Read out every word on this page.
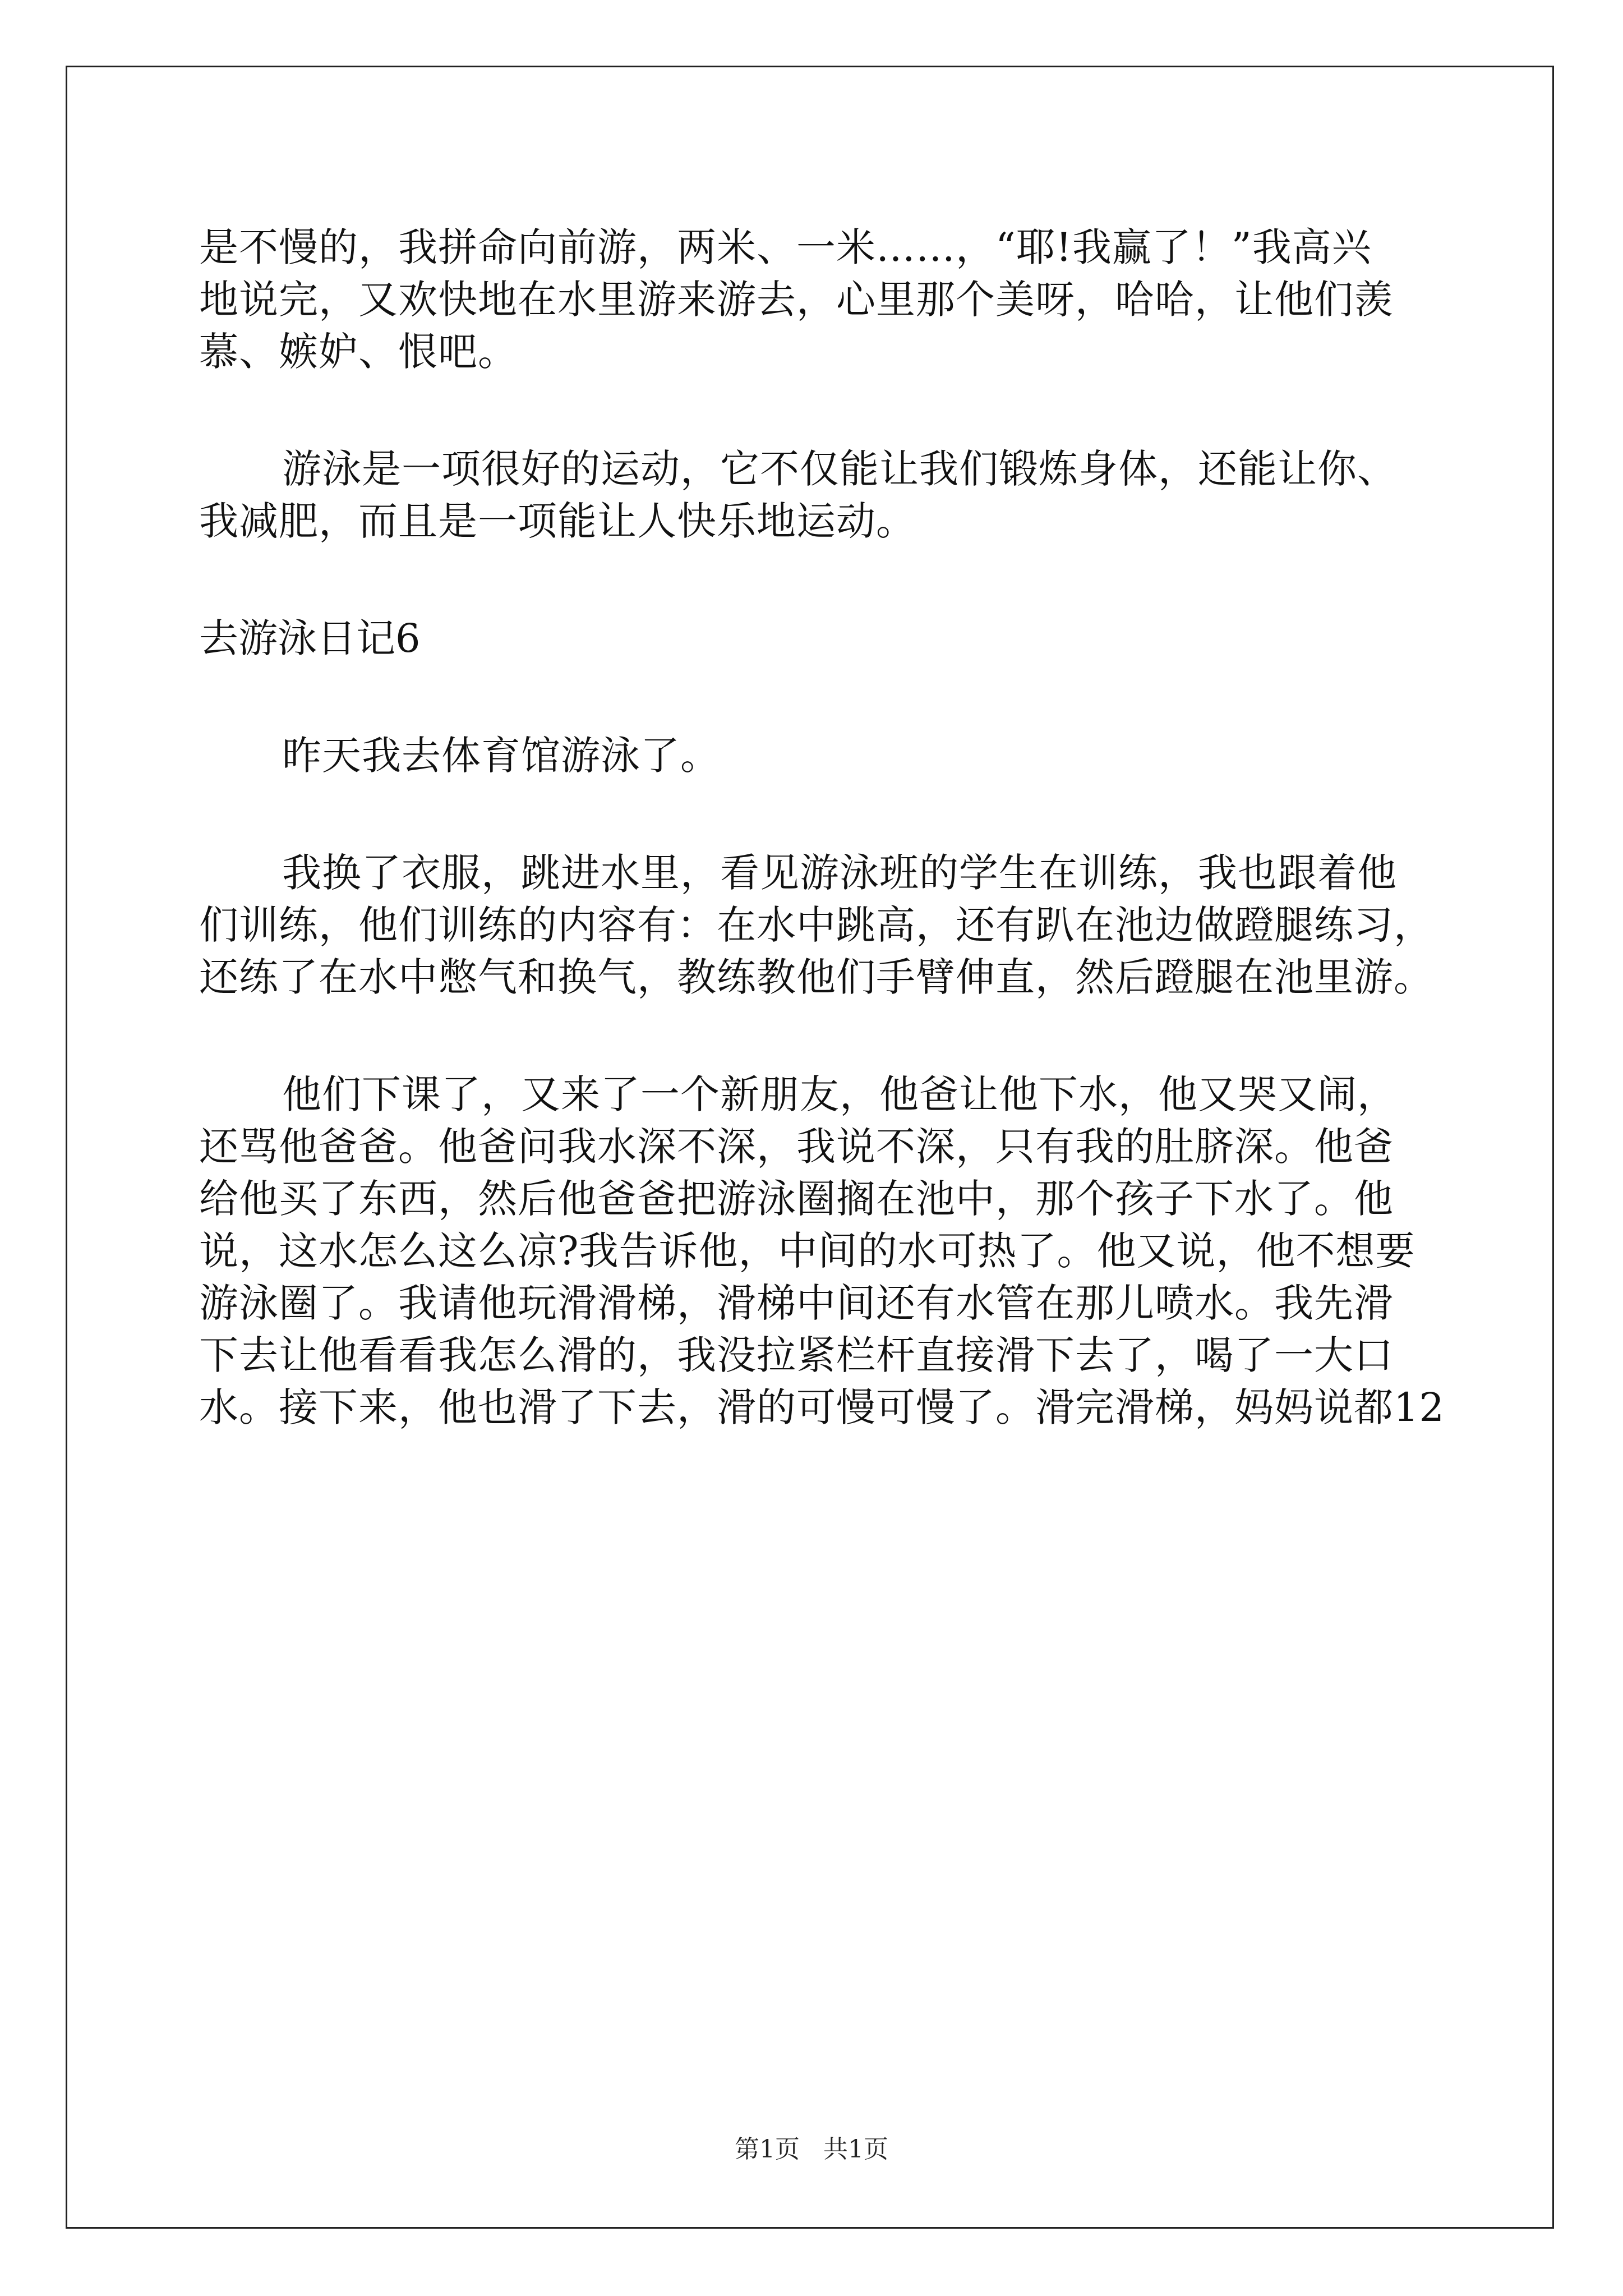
是不慢的，我拼命向前游，两米、一米……，“耶!我赢了！”我高兴
地说完，又欢快地在水里游来游去，心里那个美呀，哈哈，让他们羡
慕、嫉妒、恨吧。
游泳是一项很好的运动，它不仅能让我们锻炼身体，还能让你、
我减肥，而且是一项能让人快乐地运动。
去游泳日记6
昨天我去体育馆游泳了。
我换了衣服，跳进水里，看见游泳班的学生在训练，我也跟着他
们训练，他们训练的内容有：在水中跳高，还有趴在池边做蹬腿练习，
还练了在水中憋气和换气，教练教他们手臂伸直，然后蹬腿在池里游。
他们下课了，又来了一个新朋友，他爸让他下水，他又哭又闹，
还骂他爸爸。他爸问我水深不深，我说不深，只有我的肚脐深。他爸
给他买了东西，然后他爸爸把游泳圈搁在池中，那个孩子下水了。他
说，这水怎么这么凉?我告诉他，中间的水可热了。他又说，他不想要
游泳圈了。我请他玩滑滑梯，滑梯中间还有水管在那儿喷水。我先滑
下去让他看看我怎么滑的，我没拉紧栏杆直接滑下去了，喝了一大口
水。接下来，他也滑了下去，滑的可慢可慢了。滑完滑梯，妈妈说都12
第1页 共1页
